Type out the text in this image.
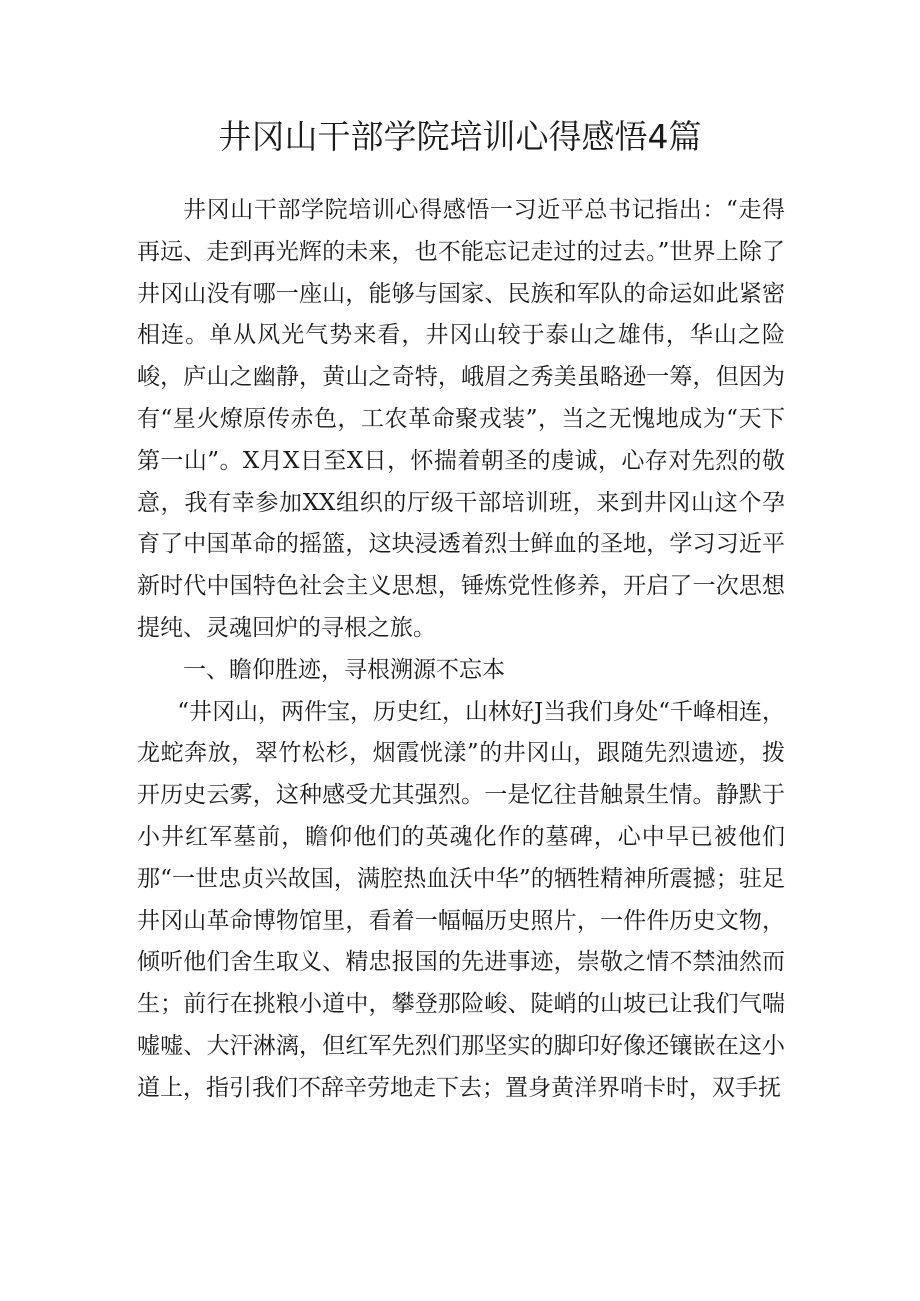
井冈山干部学院培训心得感悟4篇

井冈山干部学院培训心得感悟一习近平总书记指出：“走得再远、走到再光辉的未来，也不能忘记走过的过去。”世界上除了井冈山没有哪一座山，能够与国家、民族和军队的命运如此紧密相连。单从风光气势来看，井冈山较于泰山之雄伟，华山之险峻，庐山之幽静，黄山之奇特，峨眉之秀美虽略逊一筹，但因为有“星火燎原传赤色，工农革命聚戎装”，当之无愧地成为“天下第一山”。X月X日至X日，怀揣着朝圣的虔诚，心存对先烈的敬意，我有幸参加XX组织的厅级干部培训班，来到井冈山这个孕育了中国革命的摇篮，这块浸透着烈士鲜血的圣地，学习习近平新时代中国特色社会主义思想，锤炼党性修养，开启了一次思想提纯、灵魂回炉的寻根之旅。

一、瞻仰胜迹，寻根溯源不忘本

“井冈山，两件宝，历史红，山林好J当我们身处“千峰相连，龙蛇奔放，翠竹松杉，烟霞恍漾”的井冈山，跟随先烈遗迹，拨开历史云雾，这种感受尤其强烈。一是忆往昔触景生情。静默于小井红军墓前，瞻仰他们的英魂化作的墓碑，心中早已被他们那“一世忠贞兴故国，满腔热血沃中华”的牺牲精神所震撼；驻足井冈山革命博物馆里，看着一幅幅历史照片，一件件历史文物，倾听他们舍生取义、精忠报国的先进事迹，崇敬之情不禁油然而生；前行在挑粮小道中，攀登那险峻、陡峭的山坡已让我们气喘嘘嘘、大汗淋漓，但红军先烈们那坚实的脚印好像还镶嵌在这小道上，指引我们不辞辛劳地走下去；置身黄洋界哨卡时，双手抚
